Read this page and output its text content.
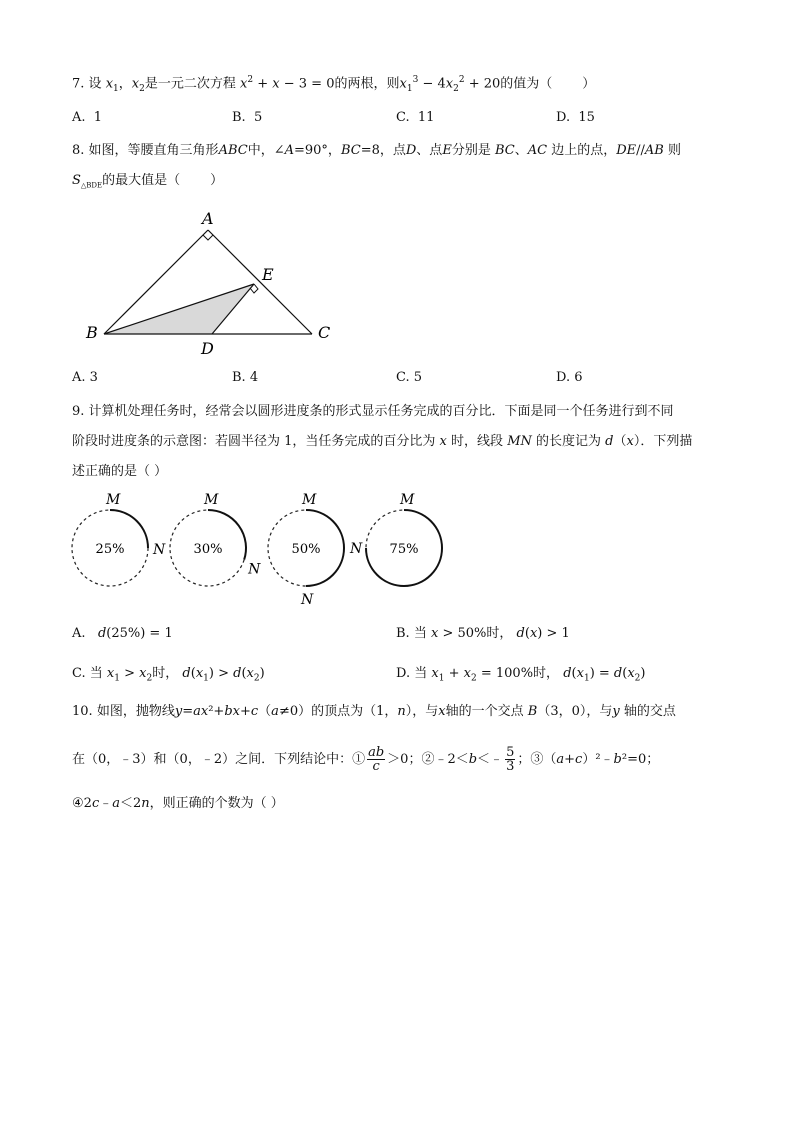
7. 设 $x_1$，$x_2$是一元二次方程 $x^2 + x - 3 = 0$的两根，则$x_1^3 - 4x_2^2 + 20$的值为（ ）
A. 1	B. 5	C. 11	D. 15
8. 如图，等腰直角三角形ABC中，∠A=90°，BC=8，点D、点E分别是 BC、AC 边上的点，DE//AB 则
$S_{\triangle BDE}$的最大值是（ ）
A
E
B	C
D
A. 3	B. 4	C. 5	D. 6
9. 计算机处理任务时，经常会以圆形进度条的形式显示任务完成的百分比．下面是同一个任务进行到不同
阶段时进度条的示意图：若圆半径为 1，当任务完成的百分比为 x 时，线段 MN 的长度记为 d（x）．下列描
述正确的是（ ）
25%
M
N 30%
M
N
50%
M
N
75%
M
N
A. d(25%) = 1	B. 当 x > 50%时， d(x) > 1
C. 当 $x_1 > x_2$时， $d(x_1) > d(x_2)$	D. 当 $x_1 + x_2 = 100\%$时， $d(x_1) = d(x_2)$
10. 如图，抛物线y=ax²+bx+c（a≠0）的顶点为（1，n），与x轴的一个交点 B（3，0），与y 轴的交点
在（0，﹣3）和（0，﹣2）之间．下列结论中：① $\frac{ab}{c} >0$；②﹣2＜b＜﹣ $\frac{5}{3}$ ；③（a+c）²﹣b²=0；
④2c﹣a＜2n，则正确的个数为（ ）
